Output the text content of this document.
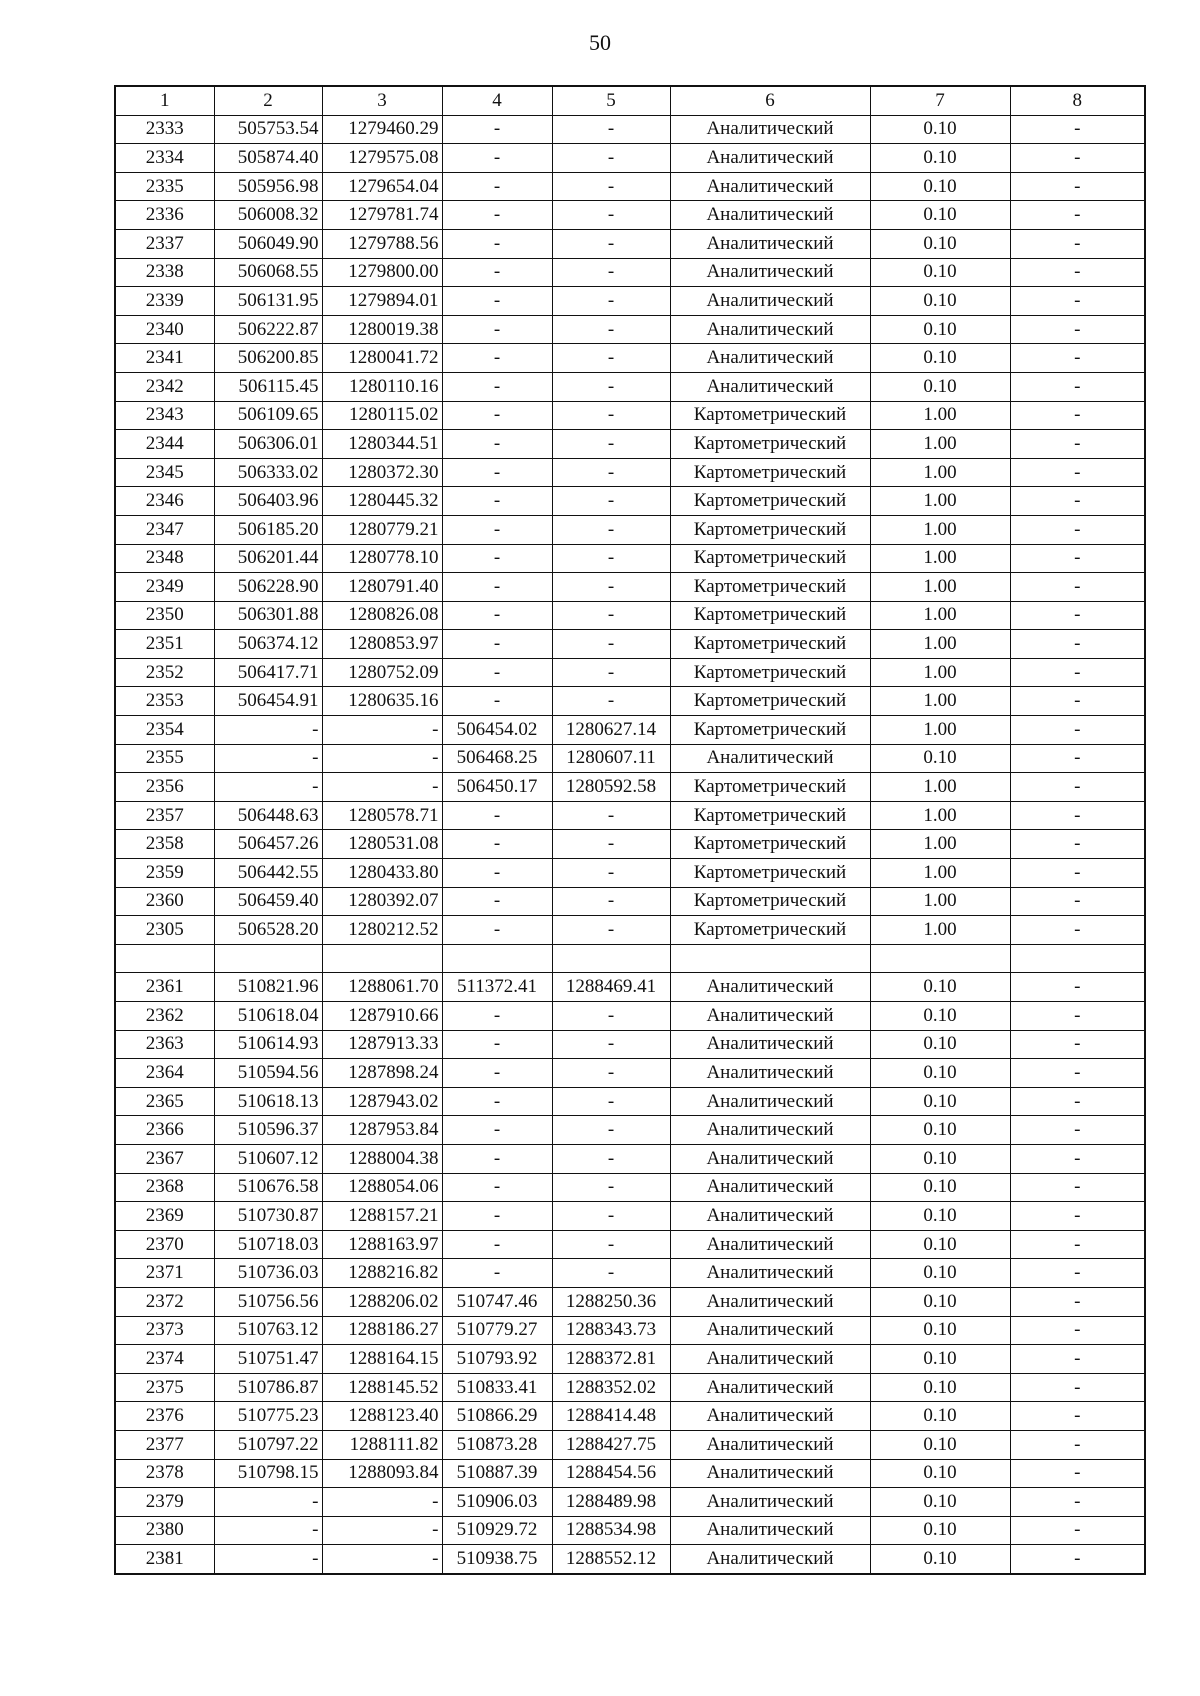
50
1	2	3	4	5	6	7	8
2333	505753.54	1279460.29	-	-	Аналитический	0.10	-
2334	505874.40	1279575.08	-	-	Аналитический	0.10	-
2335	505956.98	1279654.04	-	-	Аналитический	0.10	-
2336	506008.32	1279781.74	-	-	Аналитический	0.10	-
2337	506049.90	1279788.56	-	-	Аналитический	0.10	-
2338	506068.55	1279800.00	-	-	Аналитический	0.10	-
2339	506131.95	1279894.01	-	-	Аналитический	0.10	-
2340	506222.87	1280019.38	-	-	Аналитический	0.10	-
2341	506200.85	1280041.72	-	-	Аналитический	0.10	-
2342	506115.45	1280110.16	-	-	Аналитический	0.10	-
2343	506109.65	1280115.02	-	-	Картометрический	1.00	-
2344	506306.01	1280344.51	-	-	Картометрический	1.00	-
2345	506333.02	1280372.30	-	-	Картометрический	1.00	-
2346	506403.96	1280445.32	-	-	Картометрический	1.00	-
2347	506185.20	1280779.21	-	-	Картометрический	1.00	-
2348	506201.44	1280778.10	-	-	Картометрический	1.00	-
2349	506228.90	1280791.40	-	-	Картометрический	1.00	-
2350	506301.88	1280826.08	-	-	Картометрический	1.00	-
2351	506374.12	1280853.97	-	-	Картометрический	1.00	-
2352	506417.71	1280752.09	-	-	Картометрический	1.00	-
2353	506454.91	1280635.16	-	-	Картометрический	1.00	-
2354	-	-	506454.02	1280627.14	Картометрический	1.00	-
2355	-	-	506468.25	1280607.11	Аналитический	0.10	-
2356	-	-	506450.17	1280592.58	Картометрический	1.00	-
2357	506448.63	1280578.71	-	-	Картометрический	1.00	-
2358	506457.26	1280531.08	-	-	Картометрический	1.00	-
2359	506442.55	1280433.80	-	-	Картометрический	1.00	-
2360	506459.40	1280392.07	-	-	Картометрический	1.00	-
2305	506528.20	1280212.52	-	-	Картометрический	1.00	-

2361	510821.96	1288061.70	511372.41	1288469.41	Аналитический	0.10	-
2362	510618.04	1287910.66	-	-	Аналитический	0.10	-
2363	510614.93	1287913.33	-	-	Аналитический	0.10	-
2364	510594.56	1287898.24	-	-	Аналитический	0.10	-
2365	510618.13	1287943.02	-	-	Аналитический	0.10	-
2366	510596.37	1287953.84	-	-	Аналитический	0.10	-
2367	510607.12	1288004.38	-	-	Аналитический	0.10	-
2368	510676.58	1288054.06	-	-	Аналитический	0.10	-
2369	510730.87	1288157.21	-	-	Аналитический	0.10	-
2370	510718.03	1288163.97	-	-	Аналитический	0.10	-
2371	510736.03	1288216.82	-	-	Аналитический	0.10	-
2372	510756.56	1288206.02	510747.46	1288250.36	Аналитический	0.10	-
2373	510763.12	1288186.27	510779.27	1288343.73	Аналитический	0.10	-
2374	510751.47	1288164.15	510793.92	1288372.81	Аналитический	0.10	-
2375	510786.87	1288145.52	510833.41	1288352.02	Аналитический	0.10	-
2376	510775.23	1288123.40	510866.29	1288414.48	Аналитический	0.10	-
2377	510797.22	1288111.82	510873.28	1288427.75	Аналитический	0.10	-
2378	510798.15	1288093.84	510887.39	1288454.56	Аналитический	0.10	-
2379	-	-	510906.03	1288489.98	Аналитический	0.10	-
2380	-	-	510929.72	1288534.98	Аналитический	0.10	-
2381	-	-	510938.75	1288552.12	Аналитический	0.10	-
